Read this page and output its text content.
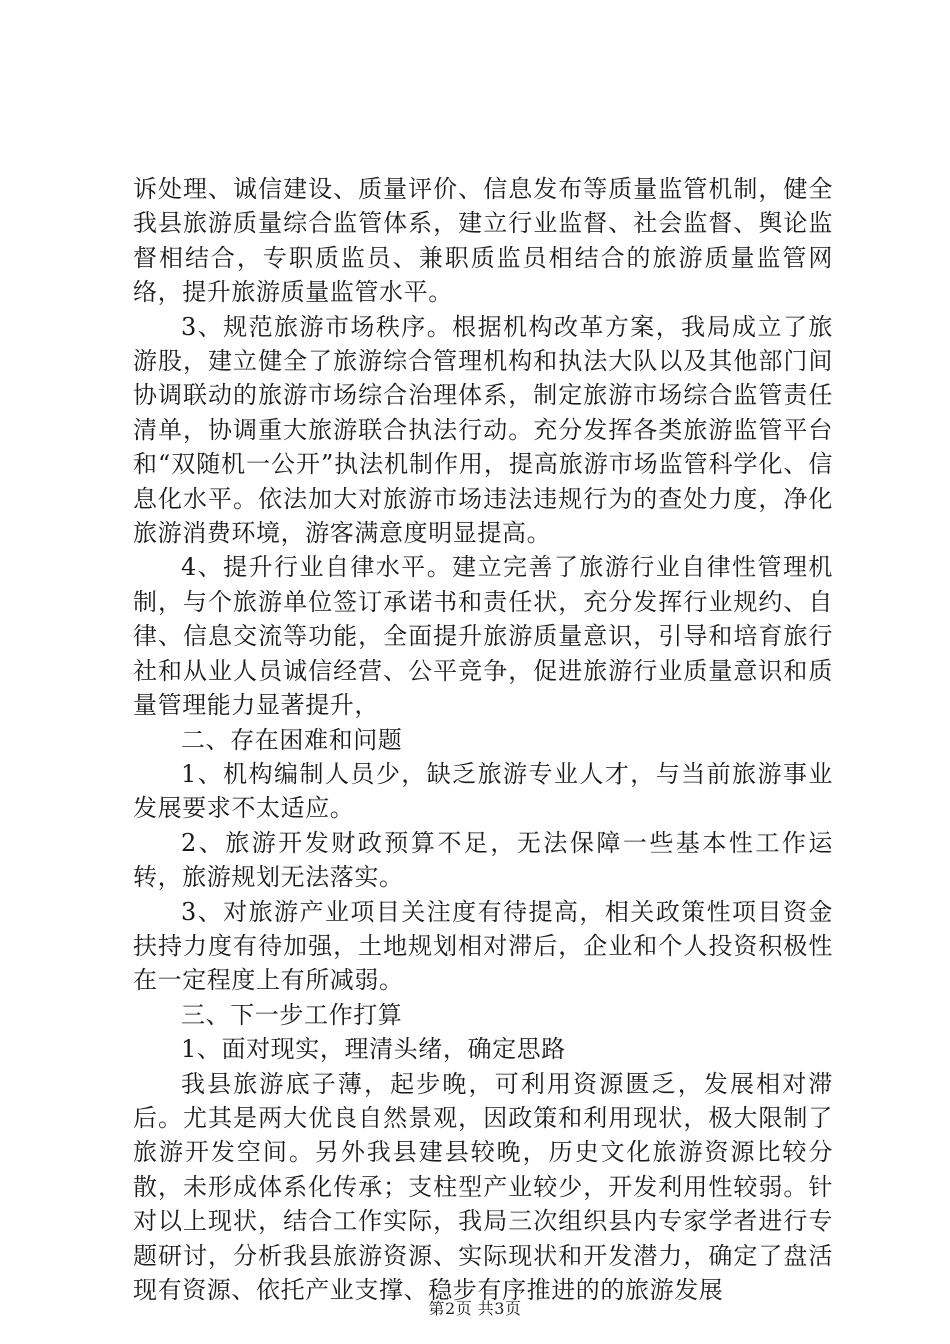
诉处理、诚信建设、质量评价、信息发布等质量监管机制，健全我县旅游质量综合监管体系，建立行业监督、社会监督、舆论监督相结合，专职质监员、兼职质监员相结合的旅游质量监管网络，提升旅游质量监管水平。

3、规范旅游市场秩序。根据机构改革方案，我局成立了旅游股，建立健全了旅游综合管理机构和执法大队以及其他部门间协调联动的旅游市场综合治理体系，制定旅游市场综合监管责任清单，协调重大旅游联合执法行动。充分发挥各类旅游监管平台和“双随机一公开”执法机制作用，提高旅游市场监管科学化、信息化水平。依法加大对旅游市场违法违规行为的查处力度，净化旅游消费环境，游客满意度明显提高。

4、提升行业自律水平。建立完善了旅游行业自律性管理机制，与个旅游单位签订承诺书和责任状，充分发挥行业规约、自律、信息交流等功能，全面提升旅游质量意识，引导和培育旅行社和从业人员诚信经营、公平竞争，促进旅游行业质量意识和质量管理能力显著提升，

二、存在困难和问题

1、机构编制人员少，缺乏旅游专业人才，与当前旅游事业发展要求不太适应。

2、旅游开发财政预算不足，无法保障一些基本性工作运转，旅游规划无法落实。

3、对旅游产业项目关注度有待提高，相关政策性项目资金扶持力度有待加强，土地规划相对滞后，企业和个人投资积极性在一定程度上有所减弱。

三、下一步工作打算

1、面对现实，理清头绪，确定思路

我县旅游底子薄，起步晚，可利用资源匮乏，发展相对滞后。尤其是两大优良自然景观，因政策和利用现状，极大限制了旅游开发空间。另外我县建县较晚，历史文化旅游资源比较分散，未形成体系化传承；支柱型产业较少，开发利用性较弱。针对以上现状，结合工作实际，我局三次组织县内专家学者进行专题研讨，分析我县旅游资源、实际现状和开发潜力，确定了盘活现有资源、依托产业支撑、稳步有序推进的的旅游发展

第2页 共3页
